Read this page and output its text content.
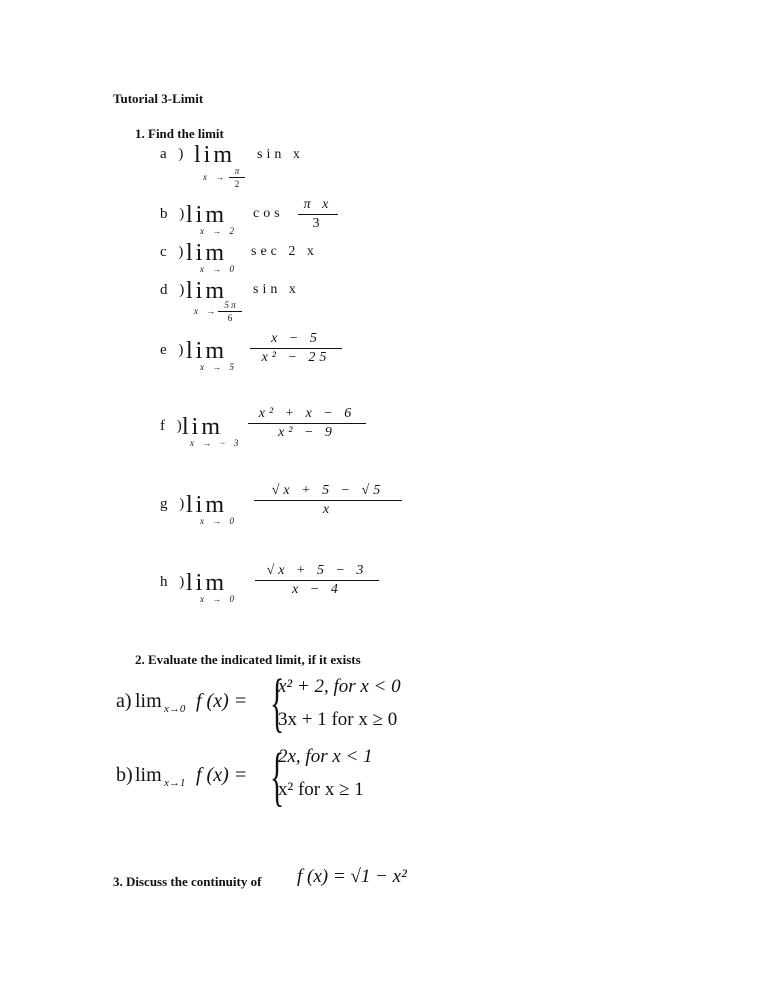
Tutorial 3-Limit
1. Find the limit
a ) lim
x →
π
2
sin x
b )
lim
x → 2
cos
π x
3
c )
lim
x → 0
sec 2 x
d )
lim
x →
5 π
6
sin x
e )
lim
x → 5
x − 5
x² − 25
f )
lim
x → − 3
x² + x − 6
x² − 9
g )
lim
x → 0
√x + 5 − √5
x
h )
lim
x → 0
√x + 5 − 3
x − 4
2. Evaluate the indicated limit, if it exists
a) lim x→0 f (x) = {
x² + 2, for x < 0
3x + 1 for x ≥ 0
b) lim x→1 f (x) = {
2x, for x < 1
x² for x ≥ 1
3. Discuss the continuity of f (x) = √1 − x²
